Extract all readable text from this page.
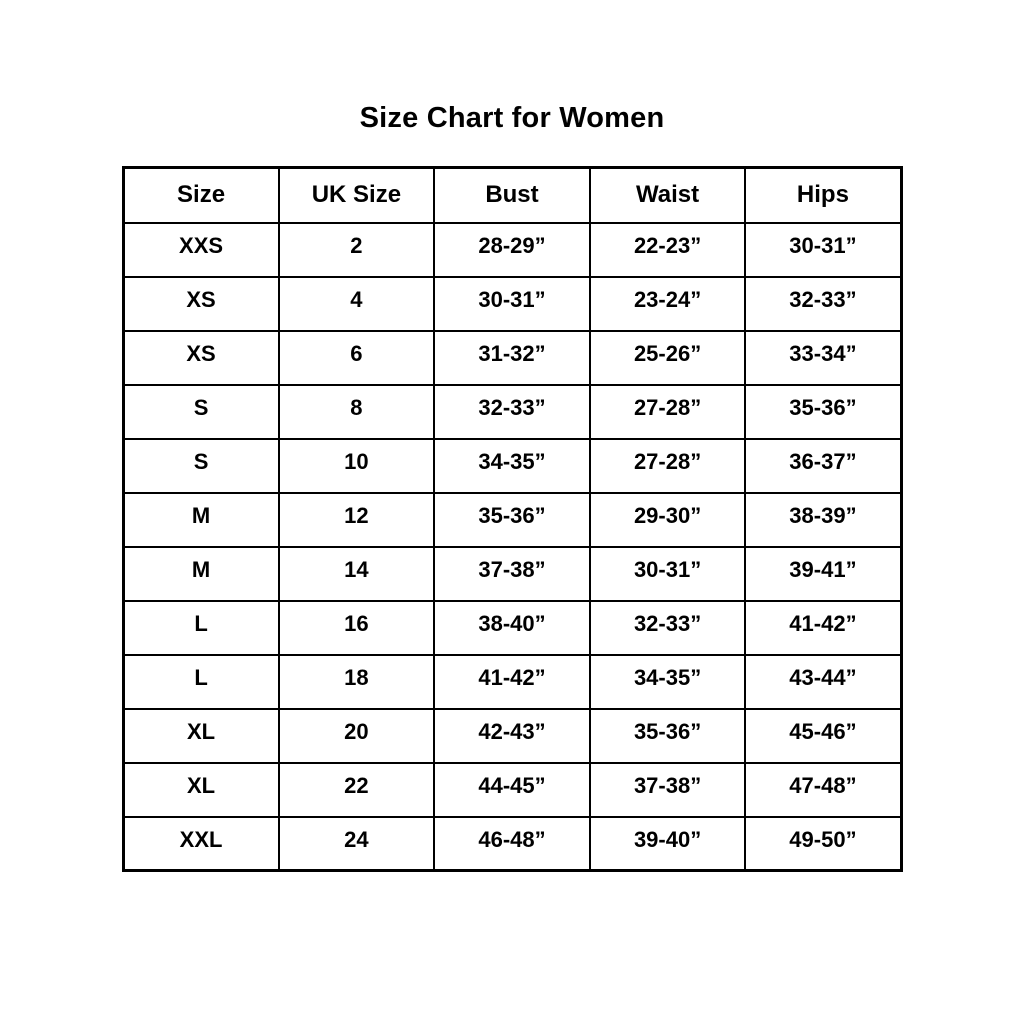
Size Chart for Women
Size	UK Size	Bust	Waist	Hips
XXS	2	28-29”	22-23”	30-31”
XS	4	30-31”	23-24”	32-33”
XS	6	31-32”	25-26”	33-34”
S	8	32-33”	27-28”	35-36”
S	10	34-35”	27-28”	36-37”
M	12	35-36”	29-30”	38-39”
M	14	37-38”	30-31”	39-41”
L	16	38-40”	32-33”	41-42”
L	18	41-42”	34-35”	43-44”
XL	20	42-43”	35-36”	45-46”
XL	22	44-45”	37-38”	47-48”
XXL	24	46-48”	39-40”	49-50”
